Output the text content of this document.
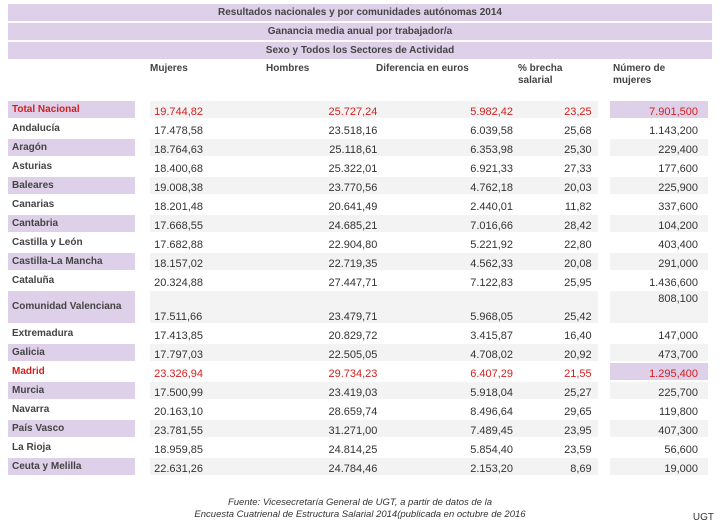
Resultados nacionales y por comunidades autónomas 2014
Ganancia media anual por trabajador/a
Sexo y Todos los Sectores de Actividad
Mujeres	Hombres	Diferencia en euros	% brecha
salarial
Número de
mujeres
Total Nacional		19.744,82	25.727,24	5.982,42	23,25		7.901,500
Andalucía		17.478,58	23.518,16	6.039,58	25,68		1.143,200
Aragón		18.764,63	25.118,61	6.353,98	25,30		229,400
Asturias		18.400,68	25.322,01	6.921,33	27,33		177,600
Baleares		19.008,38	23.770,56	4.762,18	20,03		225,900
Canarias		18.201,48	20.641,49	2.440,01	11,82		337,600
Cantabria		17.668,55	24.685,21	7.016,66	28,42		104,200
Castilla y León		17.682,88	22.904,80	5.221,92	22,80		403,400
Castilla-La Mancha		18.157,02	22.719,35	4.562,33	20,08		291,000
Cataluña		20.324,88	27.447,71	7.122,83	25,95		1.436,600
Comunidad Valenciana		17.511,66	23.479,71	5.968,05	25,42		808,100
Extremadura		17.413,85	20.829,72	3.415,87	16,40		147,000
Galicia		17.797,03	22.505,05	4.708,02	20,92		473,700
Madrid		23.326,94	29.734,23	6.407,29	21,55		1.295,400
Murcia		17.500,99	23.419,03	5.918,04	25,27		225,700
Navarra		20.163,10	28.659,74	8.496,64	29,65		119,800
País Vasco		23.781,55	31.271,00	7.489,45	23,95		407,300
La Rioja		18.959,85	24.814,25	5.854,40	23,59		56,600
Ceuta y Melilla		22.631,26	24.784,46	2.153,20	8,69		19,000
Fuente: Vicesecretaría General de UGT, a partir de datos de la
Encuesta Cuatrienal de Estructura Salarial 2014(publicada en octubre de 2016	UGT
